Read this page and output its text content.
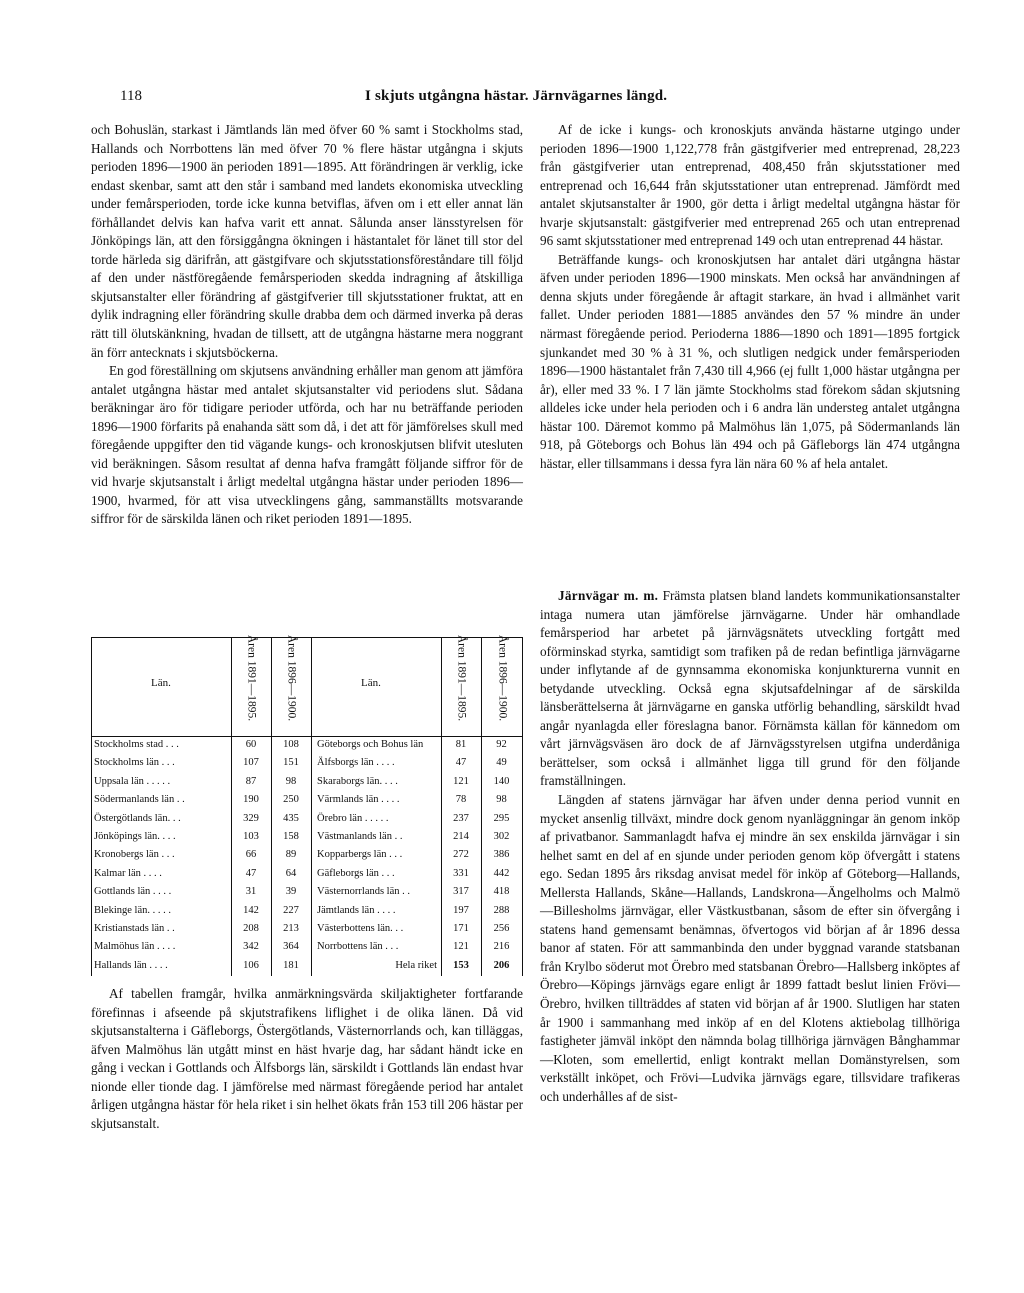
118	I skjuts utgångna hästar. Järnvägarnes längd.

och Bohuslän, starkast i Jämtlands län med öfver 60 % samt i Stockholms stad, Hallands och Norrbottens län med öfver 70 % flere hästar utgångna i skjuts perioden 1896—1900 än perioden 1891—1895. Att förändringen är verklig, icke endast skenbar, samt att den står i samband med landets ekonomiska utveckling under femårsperioden, torde icke kunna betviflas, äfven om i ett eller annat län förhållandet delvis kan hafva varit ett annat. Sålunda anser länsstyrelsen för Jönköpings län, att den försiggångna ökningen i hästantalet för länet till stor del torde härleda sig därifrån, att gästgifvare och skjutsstationsföreståndare till följd af den under nästföregående femårsperioden skedda indragning af åtskilliga skjutsanstalter eller förändring af gästgifverier till skjutsstationer fruktat, att en dylik indragning eller förändring skulle drabba dem och därmed inverka på deras rätt till ölutskänkning, hvadan de tillsett, att de utgångna hästarne mera noggrant än förr antecknats i skjutsböckerna.

En god föreställning om skjutsens användning erhåller man genom att jämföra antalet utgångna hästar med antalet skjutsanstalter vid periodens slut. Sådana beräkningar äro för tidigare perioder utförda, och har nu beträffande perioden 1896—1900 förfarits på enahanda sätt som då, i det att för jämförelses skull med föregående uppgifter den tid vägande kungs- och kronoskjutsen blifvit utesluten vid beräkningen. Såsom resultat af denna hafva framgått följande siffror för de vid hvarje skjutsanstalt i årligt medeltal utgångna hästar under perioden 1896—1900, hvarmed, för att visa utvecklingens gång, sammanställts motsvarande siffror för de särskilda länen och riket perioden 1891—1895.

Län.	Åren 1891—1895. Åren 1896—1900.	Län.	Åren 1891—1895.	Åren 1896—1900.
Stockholms stad . . .	60	108	Göteborgs och Bohus län	81	92
Stockholms län . . .	107	151	Älfsborgs län . . . .	47	49
Uppsala län . . . . .	87	98	Skaraborgs län. . . .	121	140
Södermanlands län . .	190	250	Värmlands län . . . .	78	98
Östergötlands län. . .	329	435	Örebro län . . . . .	237	295
Jönköpings län. . . .	103	158	Västmanlands län . .	214	302
Kronobergs län . . .	66	89	Kopparbergs län . . .	272	386
Kalmar län . . . .	47	64	Gäfleborgs län . . .	331	442
Gottlands län . . . .	31	39	Västernorrlands län . .	317	418
Blekinge län. . . . .	142	227	Jämtlands län . . . .	197	288
Kristianstads län . .	208	213	Västerbottens län. . .	171	256
Malmöhus län . . . .	342	364	Norrbottens län . . .	121	216
Hallands län . . . .	106	181	Hela riket	153	206

Af tabellen framgår, hvilka anmärkningsvärda skiljaktigheter fortfarande förefinnas i afseende på skjutstrafikens liflighet i de olika länen. Då vid skjutsanstalterna i Gäfleborgs, Östergötlands, Västernorrlands och, kan tilläggas, äfven Malmöhus län utgått minst en häst hvarje dag, har sådant händt icke en gång i veckan i Gottlands och Älfsborgs län, särskildt i Gottlands län endast hvar nionde eller tionde dag. I jämförelse med närmast föregående period har antalet årligen utgångna hästar för hela riket i sin helhet ökats från 153 till 206 hästar per skjutsanstalt.

Af de icke i kungs- och kronoskjuts använda hästarne utgingo under perioden 1896—1900 1,122,778 från gästgifverier med entreprenad, 28,223 från gästgifverier utan entreprenad, 408,450 från skjutsstationer med entreprenad och 16,644 från skjutsstationer utan entreprenad. Jämfördt med antalet skjutsanstalter år 1900, gör detta i årligt medeltal utgångna hästar för hvarje skjutsanstalt: gästgifverier med entreprenad 265 och utan entreprenad 96 samt skjutsstationer med entreprenad 149 och utan entreprenad 44 hästar.

Beträffande kungs- och kronoskjutsen har antalet däri utgångna hästar äfven under perioden 1896—1900 minskats. Men också har användningen af denna skjuts under föregående år aftagit starkare, än hvad i allmänhet varit fallet. Under perioden 1881—1885 användes den 57 % mindre än under närmast föregående period. Perioderna 1886—1890 och 1891—1895 fortgick sjunkandet med 30 % à 31 %, och slutligen nedgick under femårsperioden 1896—1900 hästantalet från 7,430 till 4,966 (ej fullt 1,000 hästar utgångna per år), eller med 33 %. I 7 län jämte Stockholms stad förekom sådan skjutsning alldeles icke under hela perioden och i 6 andra län understeg antalet utgångna hästar 100. Däremot kommo på Malmöhus län 1,075, på Södermanlands län 918, på Göteborgs och Bohus län 494 och på Gäfleborgs län 474 utgångna hästar, eller tillsammans i dessa fyra län nära 60 % af hela antalet.

Järnvägar m. m. Främsta platsen bland landets kommunikationsanstalter intaga numera utan jämförelse järnvägarne. Under här omhandlade femårsperiod har arbetet på järnvägsnätets utveckling fortgått med oförminskad styrka, samtidigt som trafiken på de redan befintliga järnvägarne under inflytande af de gynnsamma ekonomiska konjunkturerna vunnit en betydande utveckling. Också egna skjutsafdelningar af de särskilda länsberättelserna åt järnvägarne en ganska utförlig behandling, särskildt hvad angår nyanlagda eller föreslagna banor. Förnämsta källan för kännedom om vårt järnvägsväsen äro dock de af Järnvägsstyrelsen utgifna underdåniga berättelser, som också i allmänhet ligga till grund för den följande framställningen.

Längden af statens järnvägar har äfven under denna period vunnit en mycket ansenlig tillväxt, mindre dock genom nyanläggningar än genom inköp af privatbanor. Sammanlagdt hafva ej mindre än sex enskilda järnvägar i sin helhet samt en del af en sjunde under perioden genom köp öfvergått i statens ego. Sedan 1895 års riksdag anvisat medel för inköp af Göteborg—Hallands, Mellersta Hallands, Skåne—Hallands, Landskrona—Ängelholms och Malmö—Billesholms järnvägar, eller Västkustbanan, såsom de efter sin öfvergång i statens hand gemensamt benämnas, öfvertogos vid början af år 1896 dessa banor af staten. För att sammanbinda den under byggnad varande statsbanan från Krylbo söderut mot Örebro med statsbanan Örebro—Hallsberg inköptes af Örebro—Köpings järnvägs egare enligt år 1899 fattadt beslut linien Frövi—Örebro, hvilken tillträddes af staten vid början af år 1900. Slutligen har staten år 1900 i sammanhang med inköp af en del Klotens aktiebolag tillhöriga fastigheter jämväl inköpt den nämnda bolag tillhöriga järnvägen Bånghammar—Kloten, som emellertid, enligt kontrakt mellan Domänstyrelsen, som verkställt inköpet, och Frövi—Ludvika järnvägs egare, tillsvidare trafikeras och underhålles af de sist-
